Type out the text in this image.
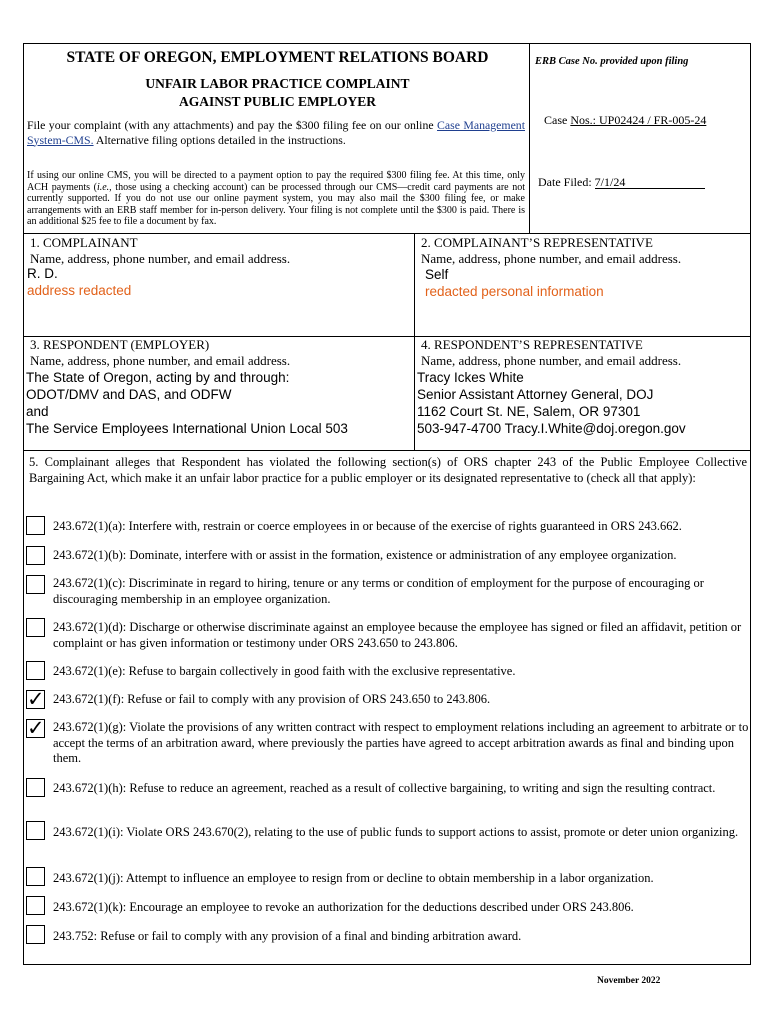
STATE OF OREGON, EMPLOYMENT RELATIONS BOARD
UNFAIR LABOR PRACTICE COMPLAINT
AGAINST PUBLIC EMPLOYER
ERB Case No. provided upon filing
Case Nos.: UP02424 / FR-005-24
Date Filed: 7/1/24
File your complaint (with any attachments) and pay the $300 filing fee on our online Case Management System-CMS. Alternative filing options detailed in the instructions.
If using our online CMS, you will be directed to a payment option to pay the required $300 filing fee. At this time, only ACH payments (i.e., those using a checking account) can be processed through our CMS—credit card payments are not currently supported. If you do not use our online payment system, you may also mail the $300 filing fee, or make arrangements with an ERB staff member for in-person delivery. Your filing is not complete until the $300 is paid. There is an additional $25 fee to file a document by fax.
1. COMPLAINANT
Name, address, phone number, and email address.
R. D.
address redacted
2. COMPLAINANT’S REPRESENTATIVE
Name, address, phone number, and email address.
Self
redacted personal information
3. RESPONDENT (EMPLOYER)
Name, address, phone number, and email address.
The State of Oregon, acting by and through:
ODOT/DMV and DAS, and ODFW
and
The Service Employees International Union Local 503
4. RESPONDENT’S REPRESENTATIVE
Name, address, phone number, and email address.
Tracy Ickes White
Senior Assistant Attorney General, DOJ
1162 Court St. NE, Salem, OR 97301
503-947-4700 Tracy.I.White@doj.oregon.gov
5. Complainant alleges that Respondent has violated the following section(s) of ORS chapter 243 of the Public Employee Collective Bargaining Act, which make it an unfair labor practice for a public employer or its designated representative to (check all that apply):
243.672(1)(a): Interfere with, restrain or coerce employees in or because of the exercise of rights guaranteed in ORS 243.662.
243.672(1)(b): Dominate, interfere with or assist in the formation, existence or administration of any employee organization.
243.672(1)(c): Discriminate in regard to hiring, tenure or any terms or condition of employment for the purpose of encouraging or discouraging membership in an employee organization.
243.672(1)(d): Discharge or otherwise discriminate against an employee because the employee has signed or filed an affidavit, petition or complaint or has given information or testimony under ORS 243.650 to 243.806.
243.672(1)(e): Refuse to bargain collectively in good faith with the exclusive representative.
✓ 243.672(1)(f): Refuse or fail to comply with any provision of ORS 243.650 to 243.806.
✓ 243.672(1)(g): Violate the provisions of any written contract with respect to employment relations including an agreement to arbitrate or to accept the terms of an arbitration award, where previously the parties have agreed to accept arbitration awards as final and binding upon them.
243.672(1)(h): Refuse to reduce an agreement, reached as a result of collective bargaining, to writing and sign the resulting contract.
243.672(1)(i): Violate ORS 243.670(2), relating to the use of public funds to support actions to assist, promote or deter union organizing.
243.672(1)(j): Attempt to influence an employee to resign from or decline to obtain membership in a labor organization.
243.672(1)(k): Encourage an employee to revoke an authorization for the deductions described under ORS 243.806.
243.752: Refuse or fail to comply with any provision of a final and binding arbitration award.
November 2022
